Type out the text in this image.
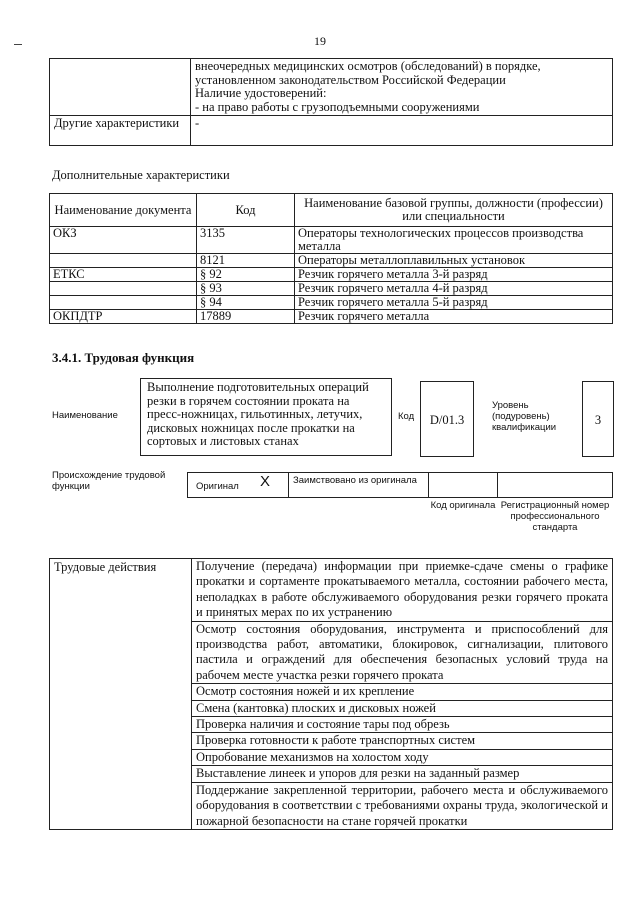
19
	внеочередных медицинских осмотров (обследований) в порядке, установленном законодательством Российской Федерации
Наличие удостоверений:
- на право работы с грузоподъемными сооружениями
Другие характеристики	-
Дополнительные характеристики
Наименование документа	Код	Наименование базовой группы, должности (профессии) или специальности
ОКЗ	3135	Операторы технологических процессов производства металла
	8121	Операторы металлоплавильных установок
ЕТКС	§ 92	Резчик горячего металла 3-й разряд
	§ 93	Резчик горячего металла 4-й разряд
	§ 94	Резчик горячего металла 5-й разряд
ОКПДТР	17889	Резчик горячего металла
3.4.1. Трудовая функция
Наименование
Выполнение подготовительных операций резки в горячем состоянии проката на пресс-ножницах, гильотинных, летучих, дисковых ножницах после прокатки на сортовых и листовых станах
Код	D/01.3
Уровень (подуровень) квалификации
3
Происхождение трудовой функции	Оригинал X	Заимствовано из оригинала
Код оригинала Регистрационный номер профессионального стандарта
Трудовые действия	Получение (передача) информации при приемке-сдаче смены о графике прокатки и сортаменте прокатываемого металла, состоянии рабочего места, неполадках в работе обслуживаемого оборудования резки горячего проката и принятых мерах по их устранению
Осмотр состояния оборудования, инструмента и приспособлений для производства работ, автоматики, блокировок, сигнализации, плитового пастила и ограждений для обеспечения безопасных условий труда на рабочем месте участка резки горячего проката
Осмотр состояния ножей и их крепление
Смена (кантовка) плоских и дисковых ножей
Проверка наличия и состояние тары под обрезь
Проверка готовности к работе транспортных систем
Опробование механизмов на холостом ходу
Выставление линеек и упоров для резки на заданный размер
Поддержание закрепленной территории, рабочего места и обслуживаемого оборудования в соответствии с требованиями охраны труда, экологической и пожарной безопасности на стане горячей прокатки
